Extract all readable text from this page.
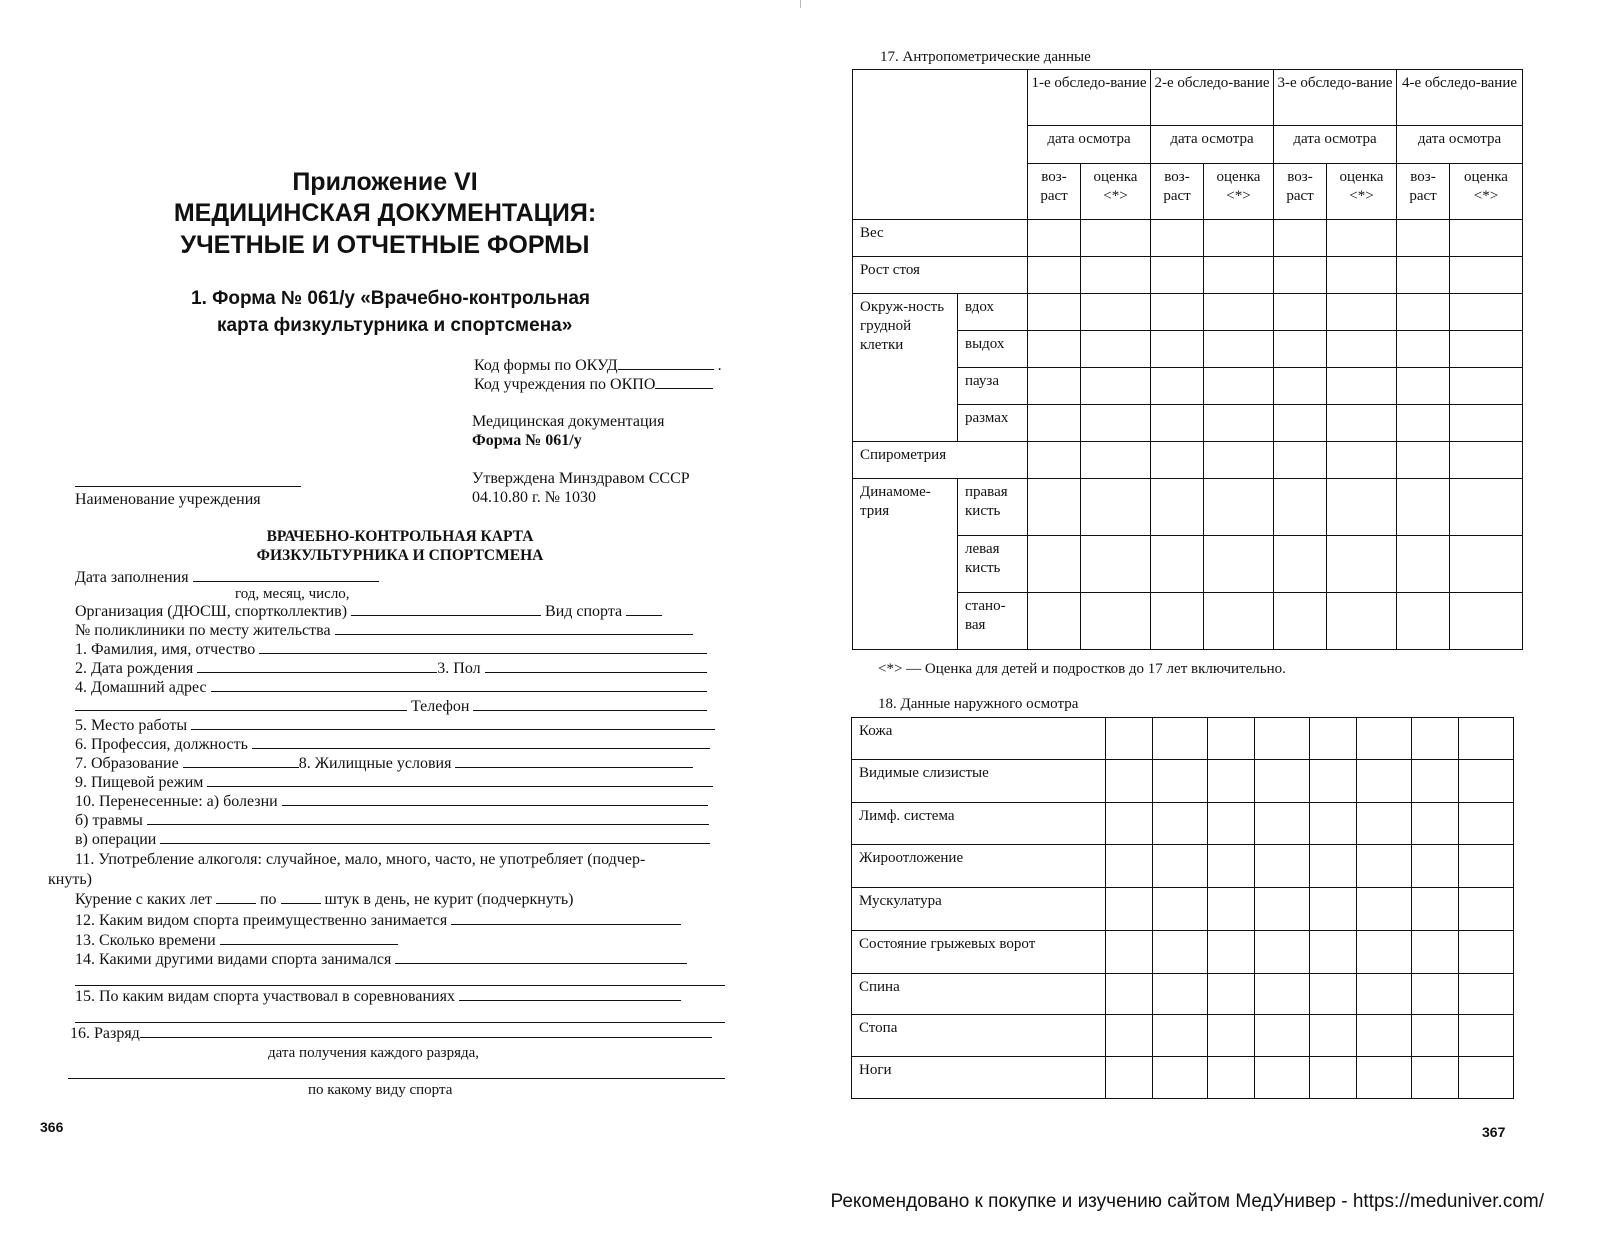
Приложение VI
МЕДИЦИНСКАЯ ДОКУМЕНТАЦИЯ:
УЧЕТНЫЕ И ОТЧЕТНЫЕ ФОРМЫ
1. Форма № 061/у «Врачебно-контрольная
карта физкультурника и спортсмена»
Код формы по ОКУД	.
Код учреждения по ОКПО
Медицинская документация
Форма № 061/у
Утверждена Минздравом СССР
04.10.80 г. № 1030
Наименование учреждения
ВРАЧЕБНО-КОНТРОЛЬНАЯ КАРТА
ФИЗКУЛЬТУРНИКА И СПОРТСМЕНА
Дата заполнения
год, месяц, число,
Организация (ДЮСШ, спортколлектив)	Вид спорта
№ поликлиники по месту жительства
1. Фамилия, имя, отчество
2. Дата рождения	3. Пол
4. Домашний адрес
Телефон
5. Место работы
6. Профессия, должность
7. Образование	8. Жилищные условия
9. Пищевой режим
10. Перенесенные: а) болезни
б) травмы
в) операции
11. Употребление алкоголя: случайное, мало, много, часто, не употребляет (подчер-
кнуть)
Курение с каких лет	по	штук в день, не курит (подчеркнуть)
12. Каким видом спорта преимущественно занимается
13. Сколько времени
14. Какими другими видами спорта занимался
15. По каким видам спорта участвовал в соревнованиях
16. Разряд
дата получения каждого разряда,
по какому виду спорта
366
17. Антропометрические данные
		1-е обследо-вание		2-е обследо-вание		3-е обследо-вание		4-е обследо-вание	
		дата осмотра		дата осмотра		дата осмотра		дата осмотра	
		воз-раст	оценка <*>	воз-раст	оценка <*>	воз-раст	оценка <*>	воз-раст	оценка <*>
Вес									
Рост стоя									
Окруж-ность грудной клетки	вдох								
	выдох								
	пауза								
	размах								
Спирометрия									
Динамоме-трия	правая кисть								
	левая кисть								
	стано-вая								
<*> — Оценка для детей и подростков до 17 лет включительно.
18. Данные наружного осмотра
Кожа								
Видимые слизистые								
Лимф. система								
Жироотложение								
Мускулатура								
Состояние грыжевых ворот								
Спина								
Стопа								
Ноги								
367
Рекомендовано к покупке и изучению сайтом МедУнивер - https://meduniver.com/
